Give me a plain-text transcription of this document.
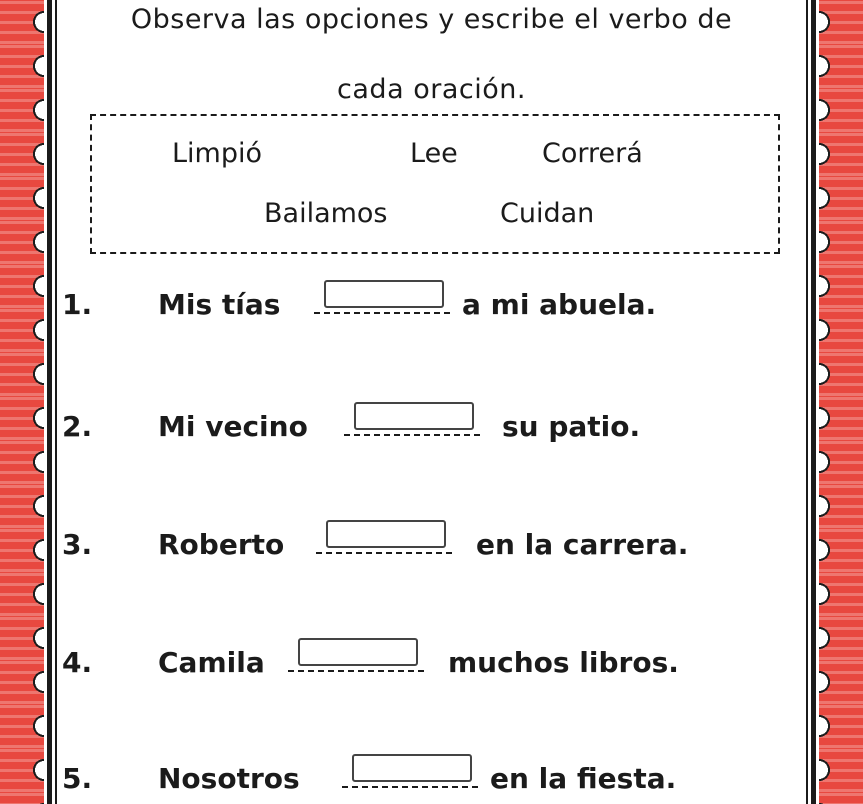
Observa las opciones y escribe el verbo de
cada oración.
Limpió	Lee	Correrá
Bailamos	Cuidan
1. Mis tías	a mi abuela.
2. Mi vecino	su patio.
3. Roberto	en la carrera.
4. Camila	muchos libros.
5. Nosotros	en la fiesta.
